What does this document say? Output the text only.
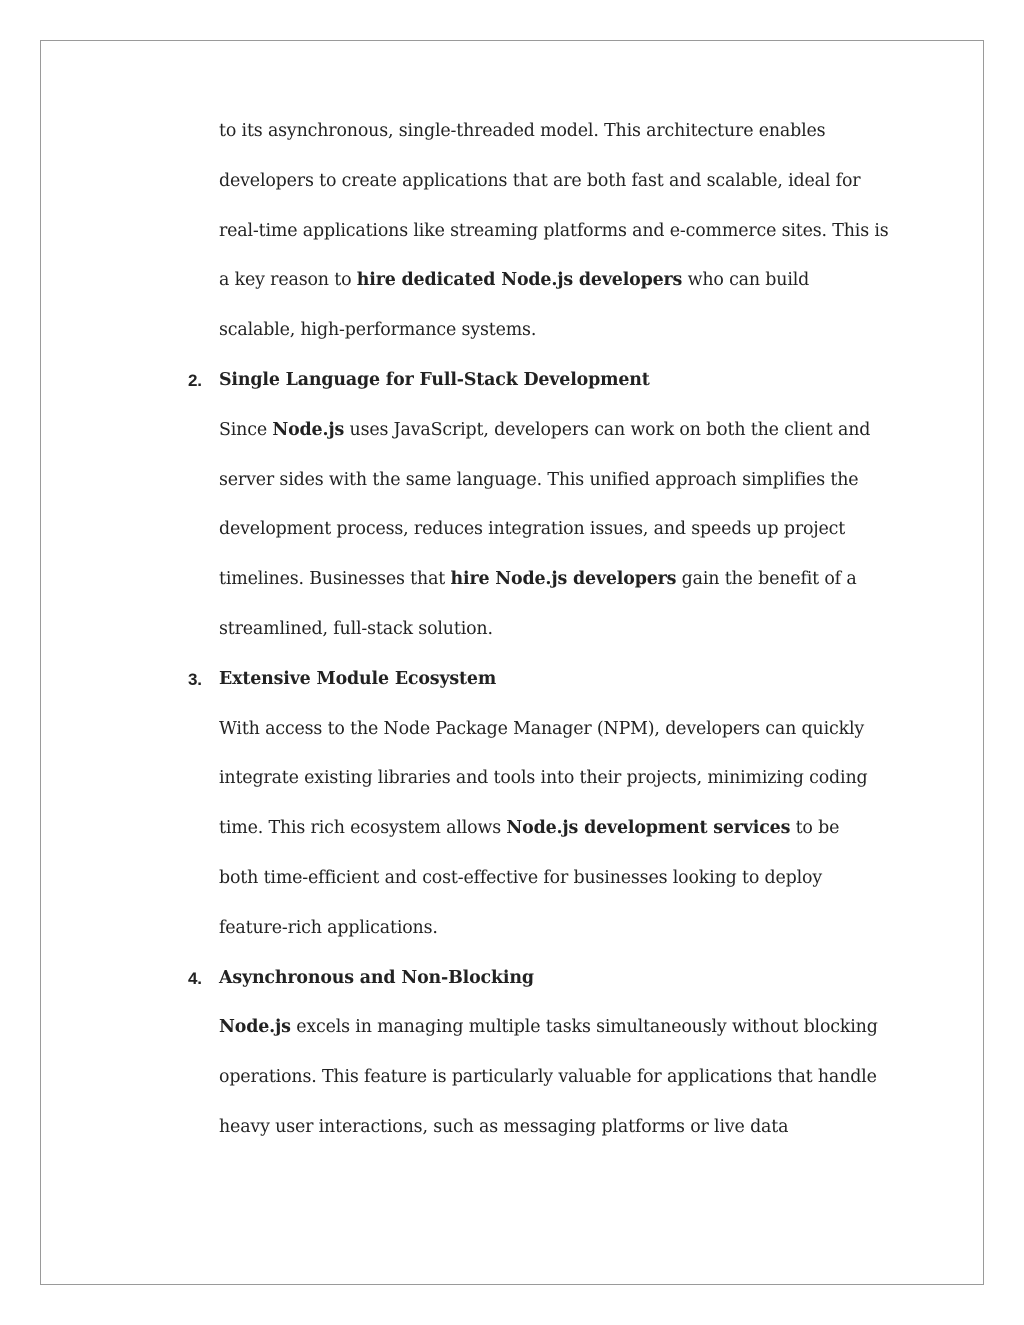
to its asynchronous, single-threaded model. This architecture enables
developers to create applications that are both fast and scalable, ideal for
real-time applications like streaming platforms and e-commerce sites. This is
a key reason to hire dedicated Node.js developers who can build
scalable, high-performance systems.
2. Single Language for Full-Stack Development
Since Node.js uses JavaScript, developers can work on both the client and
server sides with the same language. This unified approach simplifies the
development process, reduces integration issues, and speeds up project
timelines. Businesses that hire Node.js developers gain the benefit of a
streamlined, full-stack solution.
3. Extensive Module Ecosystem
With access to the Node Package Manager (NPM), developers can quickly
integrate existing libraries and tools into their projects, minimizing coding
time. This rich ecosystem allows Node.js development services to be
both time-efficient and cost-effective for businesses looking to deploy
feature-rich applications.
4. Asynchronous and Non-Blocking
Node.js excels in managing multiple tasks simultaneously without blocking
operations. This feature is particularly valuable for applications that handle
heavy user interactions, such as messaging platforms or live data
